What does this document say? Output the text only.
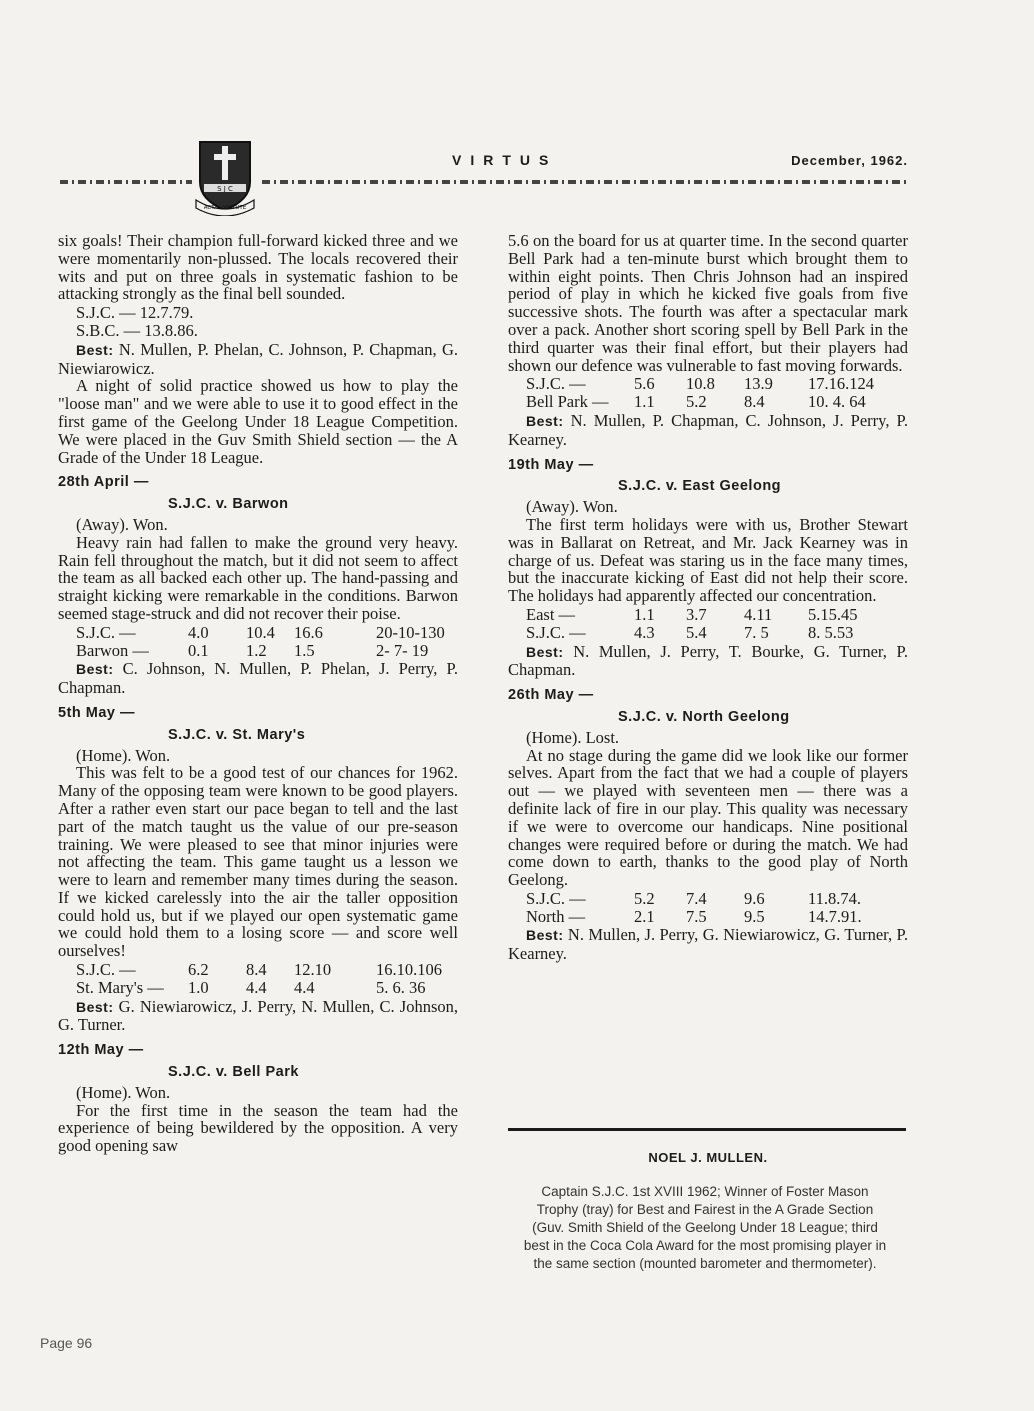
S J C
ACTA · VIRTUTE
VIRTUS	December, 1962.

six goals! Their champion full-forward kicked three and we were momentarily non-plussed. The locals recovered their wits and put on three goals in systematic fashion to be attacking strongly as the final bell sounded.

S.J.C. — 12.7.79.
S.B.C. — 13.8.86.

Best: N. Mullen, P. Phelan, C. Johnson, P. Chapman, G. Niewiarowicz.

A night of solid practice showed us how to play the "loose man" and we were able to use it to good effect in the first game of the Geelong Under 18 League Competition. We were placed in the Guv Smith Shield section — the A Grade of the Under 18 League.

28th April —
S.J.C. v. Barwon
(Away). Won.

Heavy rain had fallen to make the ground very heavy. Rain fell throughout the match, but it did not seem to affect the team as all backed each other up. The hand-passing and straight kicking were remarkable in the conditions. Barwon seemed stage-struck and did not recover their poise.

S.J.C. —	4.0	10.4	16.6	20-10-130
Barwon —	0.1	1.2	1.5	2- 7- 19

Best: C. Johnson, N. Mullen, P. Phelan, J. Perry, P. Chapman.

5th May —
S.J.C. v. St. Mary's
(Home). Won.

This was felt to be a good test of our chances for 1962. Many of the opposing team were known to be good players. After a rather even start our pace began to tell and the last part of the match taught us the value of our pre-season training. We were pleased to see that minor injuries were not affecting the team. This game taught us a lesson we were to learn and remember many times during the season. If we kicked carelessly into the air the taller opposition could hold us, but if we played our open systematic game we could hold them to a losing score — and score well ourselves!

S.J.C. —	6.2	8.4	12.10	16.10.106
St. Mary's —	1.0	4.4	4.4	5. 6. 36

Best: G. Niewiarowicz, J. Perry, N. Mullen, C. Johnson, G. Turner.

12th May —
S.J.C. v. Bell Park
(Home). Won.

For the first time in the season the team had the experience of being bewildered by the opposition. A very good opening saw

5.6 on the board for us at quarter time. In the second quarter Bell Park had a ten-minute burst which brought them to within eight points. Then Chris Johnson had an inspired period of play in which he kicked five goals from five successive shots. The fourth was after a spectacular mark over a pack. Another short scoring spell by Bell Park in the third quarter was their final effort, but their players had shown our defence was vulnerable to fast moving forwards.

S.J.C. —	5.6	10.8	13.9	17.16.124
Bell Park —	1.1	5.2	8.4	10. 4. 64

Best: N. Mullen, P. Chapman, C. Johnson, J. Perry, P. Kearney.

19th May —
S.J.C. v. East Geelong
(Away). Won.

The first term holidays were with us, Brother Stewart was in Ballarat on Retreat, and Mr. Jack Kearney was in charge of us. Defeat was staring us in the face many times, but the inaccurate kicking of East did not help their score. The holidays had apparently affected our concentration.

East —	1.1	3.7	4.11	5.15.45
S.J.C. —	4.3	5.4	7. 5	8. 5.53

Best: N. Mullen, J. Perry, T. Bourke, G. Turner, P. Chapman.

26th May —
S.J.C. v. North Geelong
(Home). Lost.

At no stage during the game did we look like our former selves. Apart from the fact that we had a couple of players out — we played with seventeen men — there was a definite lack of fire in our play. This quality was necessary if we were to overcome our handicaps. Nine positional changes were required before or during the match. We had come down to earth, thanks to the good play of North Geelong.

S.J.C. —	5.2	7.4	9.6	11.8.74.
North —	2.1	7.5	9.5	14.7.91.

Best: N. Mullen, J. Perry, G. Niewiarowicz, G. Turner, P. Kearney.

NOEL J. MULLEN.
Captain S.J.C. 1st XVIII 1962; Winner of Foster Mason Trophy (tray) for Best and Fairest in the A Grade Section (Guv. Smith Shield of the Geelong Under 18 League; third best in the Coca Cola Award for the most promising player in the same section (mounted barometer and thermometer).
Page 96
